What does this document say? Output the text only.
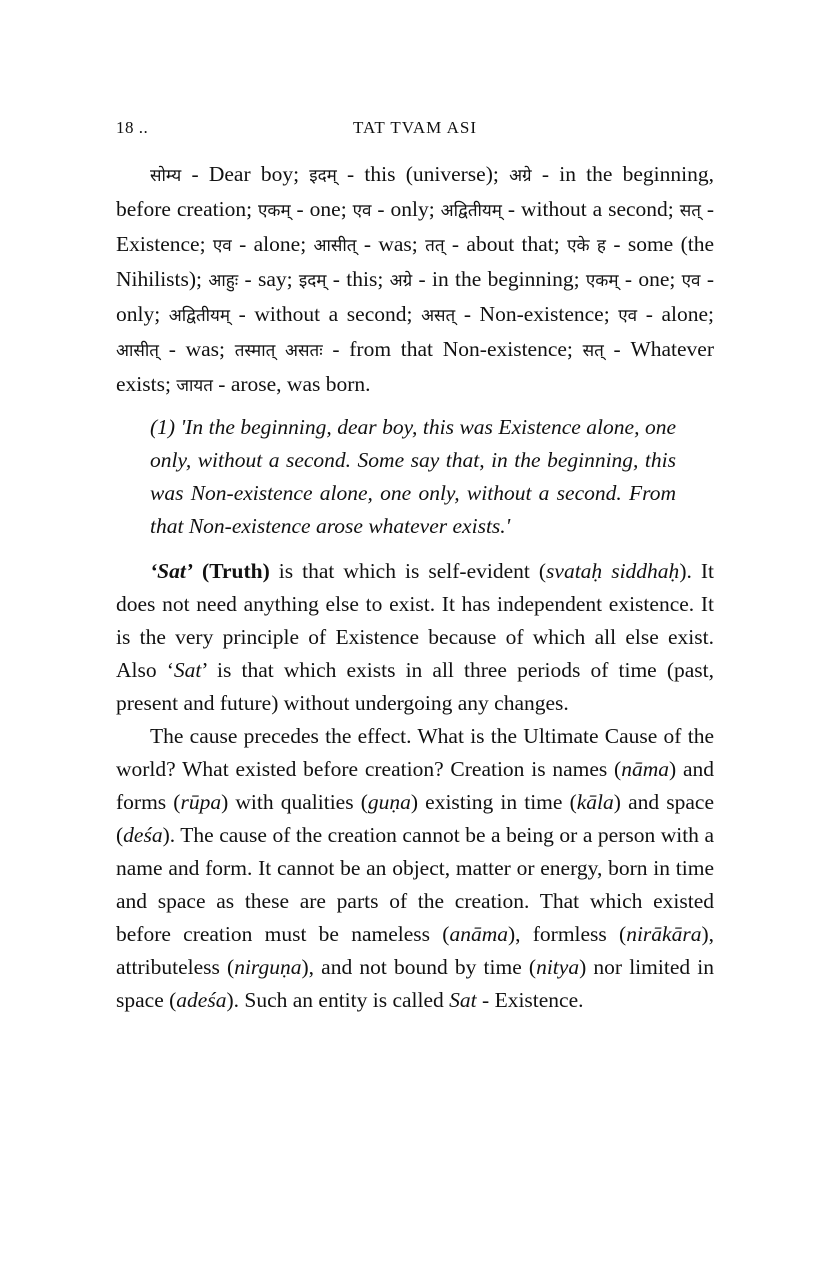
18 ..	TAT TVAM ASI

सोम्य - Dear boy; इदम् - this (universe); अग्रे - in the beginning, before creation; एकम् - one; एव - only; अद्वितीयम् - without a second; सत् - Existence; एव - alone; आसीत् - was; तत् - about that; एके ह - some (the Nihilists); आहुः - say; इदम् - this; अग्रे - in the beginning; एकम् - one; एव - only; अद्वितीयम् - without a second; असत् - Non-existence; एव - alone; आसीत् - was; तस्मात् असतः - from that Non-existence; सत् - Whatever exists; जायत - arose, was born.

(1) 'In the beginning, dear boy, this was Existence alone, one only, without a second. Some say that, in the beginning, this was Non-existence alone, one only, without a second. From that Non-existence arose whatever exists.'

‘Sat’ (Truth) is that which is self-evident (svataḥ siddhaḥ). It does not need anything else to exist. It has independent existence. It is the very principle of Existence because of which all else exist. Also ‘Sat’ is that which exists in all three periods of time (past, present and future) without undergoing any changes.

The cause precedes the effect. What is the Ultimate Cause of the world? What existed before creation? Creation is names (nāma) and forms (rūpa) with qualities (guṇa) existing in time (kāla) and space (deśa). The cause of the creation cannot be a being or a person with a name and form. It cannot be an object, matter or energy, born in time and space as these are parts of the creation. That which existed before creation must be nameless (anāma), formless (nirākāra), attributeless (nirguṇa), and not bound by time (nitya) nor limited in space (adeśa). Such an entity is called Sat - Existence.
